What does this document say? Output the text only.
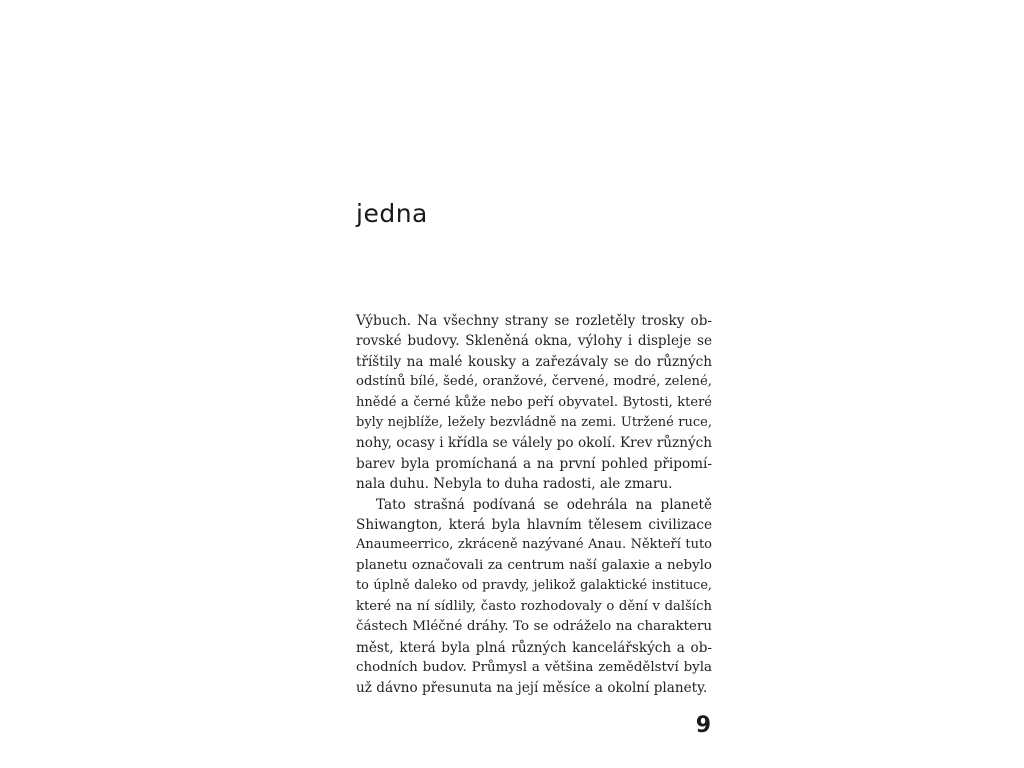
jedna

Výbuch. Na všechny strany se rozletěly trosky ob-
rovské budovy. Skleněná okna, výlohy i displeje se
tříštily na malé kousky a zařezávaly se do různých
odstínů bílé, šedé, oranžové, červené, modré, zelené,
hnědé a černé kůže nebo peří obyvatel. Bytosti, které
byly nejblíže, ležely bezvládně na zemi. Utržené ruce,
nohy, ocasy i křídla se válely po okolí. Krev různých
barev byla promíchaná a na první pohled připomí-
nala duhu. Nebyla to duha radosti, ale zmaru.

Tato strašná podívaná se odehrála na planetě
Shiwangton, která byla hlavním tělesem civilizace
Anaumeerrico, zkráceně nazývané Anau. Někteří tuto
planetu označovali za centrum naší galaxie a nebylo
to úplně daleko od pravdy, jelikož galaktické instituce,
které na ní sídlily, často rozhodovaly o dění v dalších
částech Mléčné dráhy. To se odráželo na charakteru
měst, která byla plná různých kancelářských a ob-
chodních budov. Průmysl a většina zemědělství byla
už dávno přesunuta na její měsíce a okolní planety.

9
